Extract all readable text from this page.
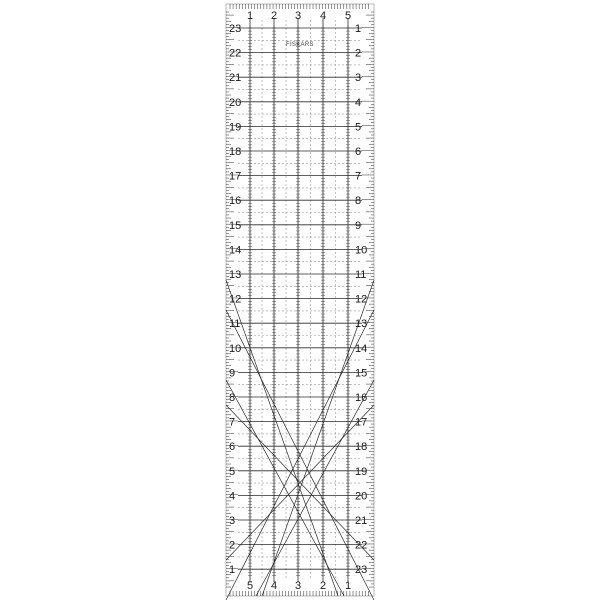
1 2 3 4 5
5 4 3 2 1
23
22
21
20
19
18
17
16
15
14
13
12
11
10
9
8
7
6
5
4
3
2
1
1
2
3
4
5
6
7
8
9
10
11
12
13
14
15
16
17
18
19
20
21
22
23
FISKARS
